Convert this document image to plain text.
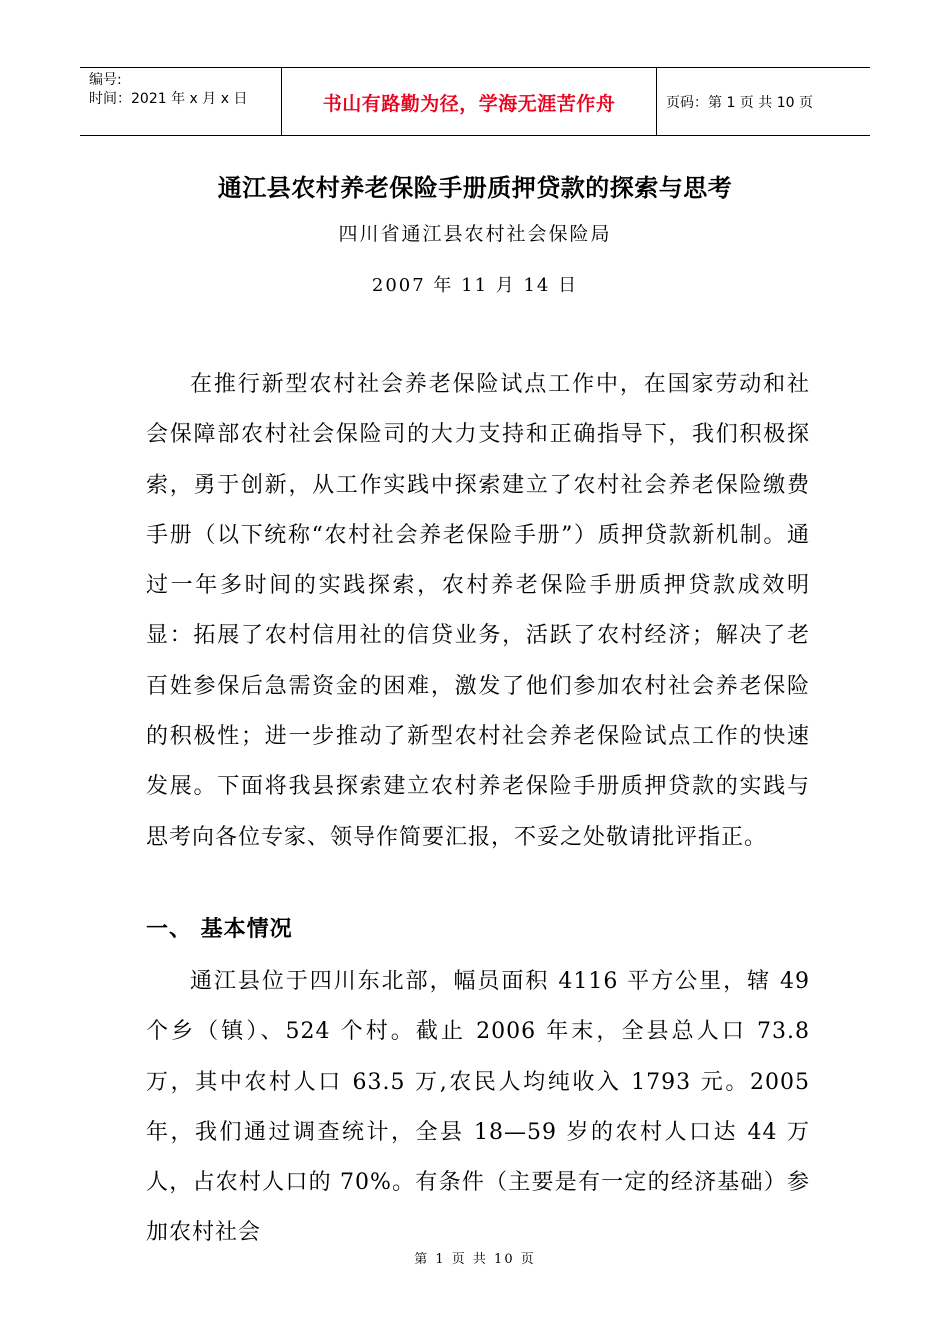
编号:
时间：2021 年 x 月 x 日	书山有路勤为径，学海无涯苦作舟	页码：第 1 页 共 10 页
通江县农村养老保险手册质押贷款的探索与思考
四川省通江县农村社会保险局
2007 年 11 月 14 日

在推行新型农村社会养老保险试点工作中，在国家劳动和社会保障部农村社会保险司的大力支持和正确指导下，我们积极探索，勇于创新，从工作实践中探索建立了农村社会养老保险缴费手册（以下统称“农村社会养老保险手册”）质押贷款新机制。通过一年多时间的实践探索，农村养老保险手册质押贷款成效明显：拓展了农村信用社的信贷业务，活跃了农村经济；解决了老百姓参保后急需资金的困难，激发了他们参加农村社会养老保险的积极性；进一步推动了新型农村社会养老保险试点工作的快速发展。下面将我县探索建立农村养老保险手册质押贷款的实践与思考向各位专家、领导作简要汇报，不妥之处敬请批评指正。

一、 基本情况

通江县位于四川东北部，幅员面积 4116 平方公里，辖 49 个乡（镇）、524 个村。截止 2006 年末，全县总人口 73.8 万，其中农村人口 63.5 万,农民人均纯收入 1793 元。2005 年，我们通过调查统计，全县 18—59 岁的农村人口达 44 万人，占农村人口的 70%。有条件（主要是有一定的经济基础）参加农村社会

第 1 页 共 10 页
